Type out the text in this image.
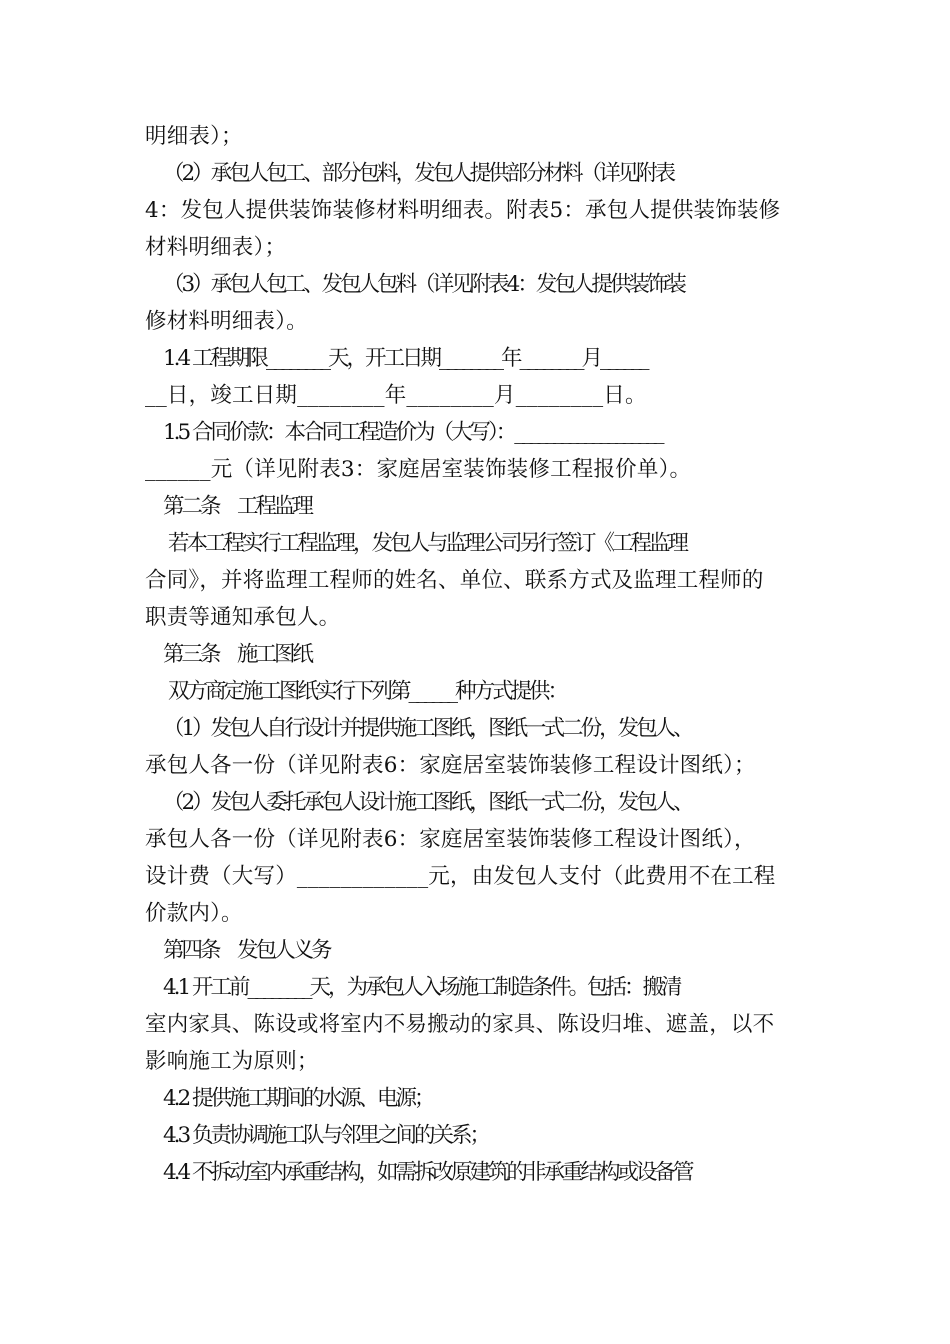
明细表）；
（2）承包人包工、部分包料，发包人提供部分材料（详见附表
4：发包人提供装饰装修材料明细表。附表5：承包人提供装饰装修
材料明细表）；
（3）承包人包工、发包人包料（详见附表4：发包人提供装饰装
修材料明细表）。
1.4 工程期限________天，开工日期________年________月______
__日，竣工日期________年________月________日。
1.5 合同价款：本合同工程造价为（大写）：___________________
______元（详见附表3：家庭居室装饰装修工程报价单）。
第二条　工程监理
若本工程实行工程监理，发包人与监理公司另行签订《工程监理
合同》，并将监理工程师的姓名、单位、联系方式及监理工程师的
职责等通知承包人。
第三条　施工图纸
双方商定施工图纸实行下列第______种方式提供：
（1）发包人自行设计并提供施工图纸，图纸一式二份，发包人、
承包人各一份（详见附表6：家庭居室装饰装修工程设计图纸）；
（2）发包人委托承包人设计施工图纸，图纸一式二份，发包人、
承包人各一份（详见附表6：家庭居室装饰装修工程设计图纸），
设计费（大写）____________元，由发包人支付（此费用不在工程
价款内）。
第四条　发包人义务
4.1 开工前________天，为承包人入场施工制造条件。包括：搬清
室内家具、陈设或将室内不易搬动的家具、陈设归堆、遮盖，以不
影响施工为原则；
4.2 提供施工期间的水源、电源；
4.3 负责协调施工队与邻里之间的关系；
4.4 不拆动室内承重结构，如需拆改原建筑的非承重结构或设备管
